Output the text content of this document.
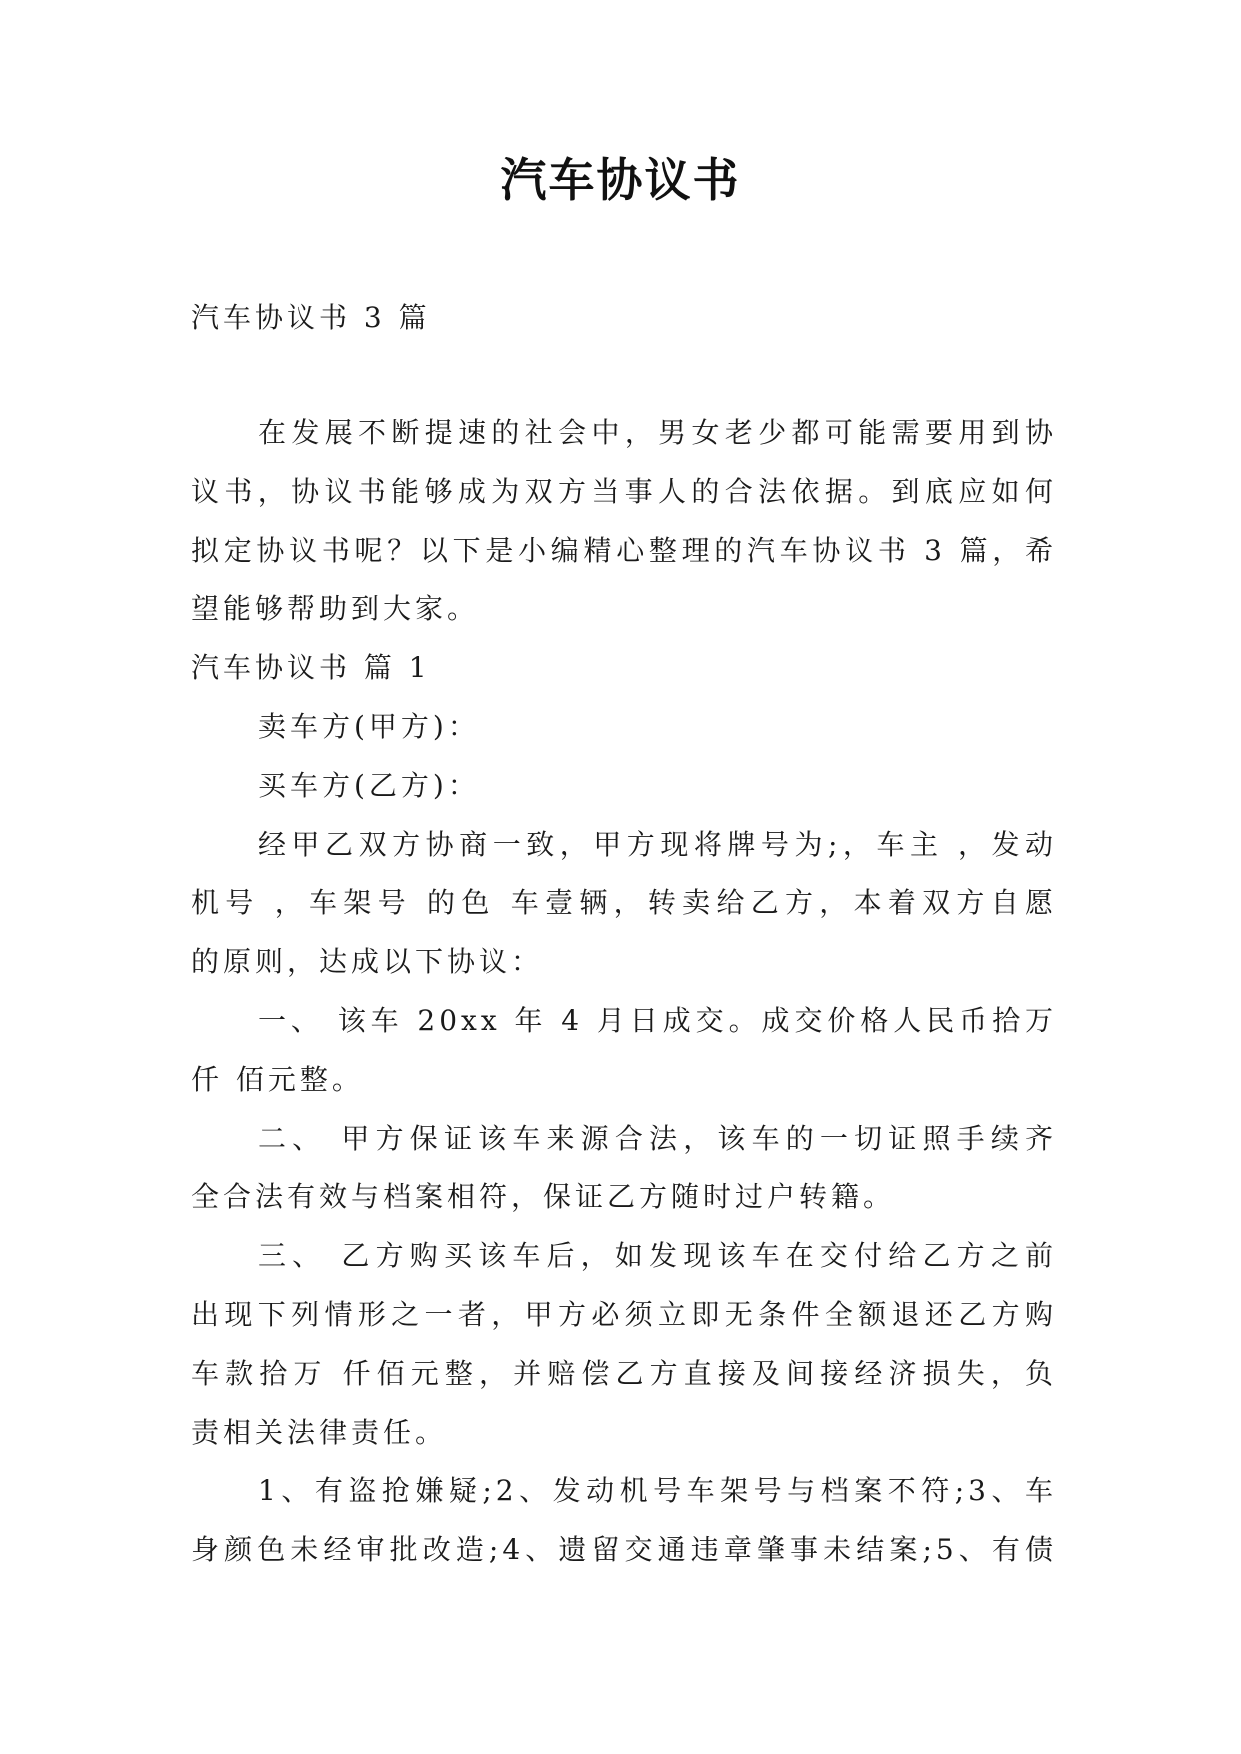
汽车协议书
汽车协议书 3 篇
在发展不断提速的社会中，男女老少都可能需要用到协
议书，协议书能够成为双方当事人的合法依据。到底应如何
拟定协议书呢？以下是小编精心整理的汽车协议书 3 篇，希
望能够帮助到大家。
汽车协议书 篇 1
卖车方(甲方)：
买车方(乙方)：
经甲乙双方协商一致，甲方现将牌号为;，车主 ，发动
机号 ，车架号 的色 车壹辆，转卖给乙方，本着双方自愿
的原则，达成以下协议：
一、 该车 20xx 年 4 月日成交。成交价格人民币拾万
仟 佰元整。
二、 甲方保证该车来源合法，该车的一切证照手续齐
全合法有效与档案相符，保证乙方随时过户转籍。
三、 乙方购买该车后，如发现该车在交付给乙方之前
出现下列情形之一者，甲方必须立即无条件全额退还乙方购
车款拾万 仟佰元整，并赔偿乙方直接及间接经济损失，负
责相关法律责任。
1、有盗抢嫌疑;2、发动机号车架号与档案不符;3、车
身颜色未经审批改造;4、遗留交通违章肇事未结案;5、有债
